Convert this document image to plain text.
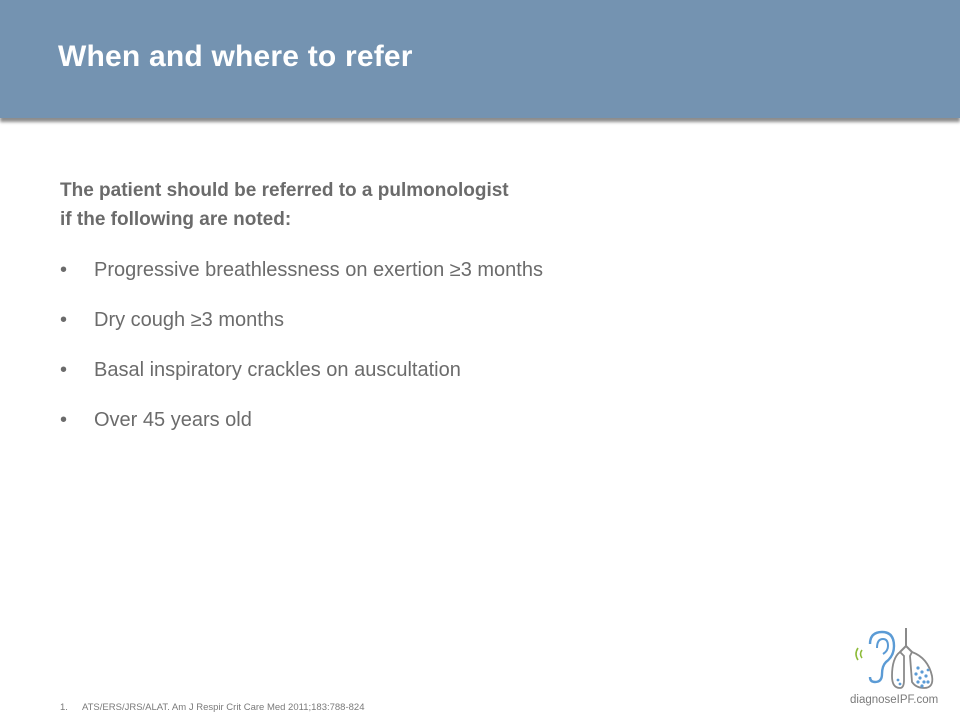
When and where to refer

The patient should be referred to a pulmonologist
if the following are noted:

•	Progressive breathlessness on exertion ≥3 months
•	Dry cough ≥3 months
•	Basal inspiratory crackles on auscultation
•	Over 45 years old
1. ATS/ERS/JRS/ALAT. Am J Respir Crit Care Med 2011;183:788-824
diagnoseIPF.com
